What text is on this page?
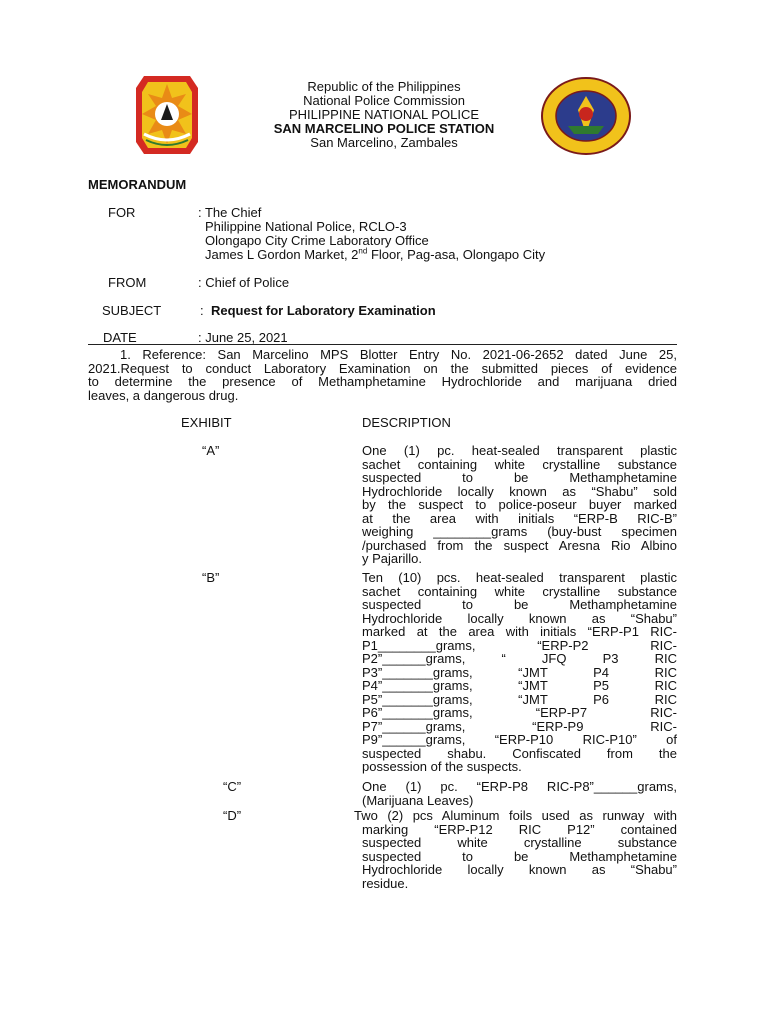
Republic of the Philippines
National Police Commission
PHILIPPINE NATIONAL POLICE
SAN MARCELINO POLICE STATION
San Marcelino, Zambales
MEMORANDUM
FOR	: The Chief
Philippine National Police, RCLO-3
Olongapo City Crime Laboratory Office
James L Gordon Market, 2nd Floor, Pag-asa, Olongapo City
FROM	: Chief of Police
SUBJECT	: Request for Laboratory Examination
DATE	: June 25, 2021
1. Reference: San Marcelino MPS Blotter Entry No. 2021-06-2652 dated June 25,
2021.Request to conduct Laboratory Examination on the submitted pieces of evidence
to determine the presence of Methamphetamine Hydrochloride and marijuana dried
leaves, a dangerous drug.
EXHIBIT	DESCRIPTION
“A”	One (1) pc. heat-sealed transparent plastic
sachet containing white crystalline substance
suspected to be Methamphetamine
Hydrochloride locally known as “Shabu” sold
by the suspect to police-poseur buyer marked
at the area with initials “ERP-B RIC-B”
weighing ________grams (buy-bust specimen
/purchased from the suspect Aresna Rio Albino
y Pajarillo.
“B”	Ten (10) pcs. heat-sealed transparent plastic
sachet containing white crystalline substance
suspected to be Methamphetamine
Hydrochloride locally known as “Shabu”
marked at the area with initials “ERP-P1 RIC-
P1________grams, “ERP-P2 RIC-
P2”______grams, “ JFQ P3 RIC
P3”_______grams, “JMT P4 RIC
P4”_______grams, “JMT P5 RIC
P5”_______grams, “JMT P6 RIC
P6”_______grams, “ERP-P7 RIC-
P7”______grams, “ERP-P9 RIC-
P9”______grams, “ERP-P10 RIC-P10” of
suspected shabu. Confiscated from the
possession of the suspects.
“C”	One (1) pc. “ERP-P8 RIC-P8”______grams,
(Marijuana Leaves)
“D”	Two (2) pcs Aluminum foils used as runway with
marking “ERP-P12 RIC P12” contained
suspected white crystalline substance
suspected to be Methamphetamine
Hydrochloride locally known as “Shabu”
residue.
